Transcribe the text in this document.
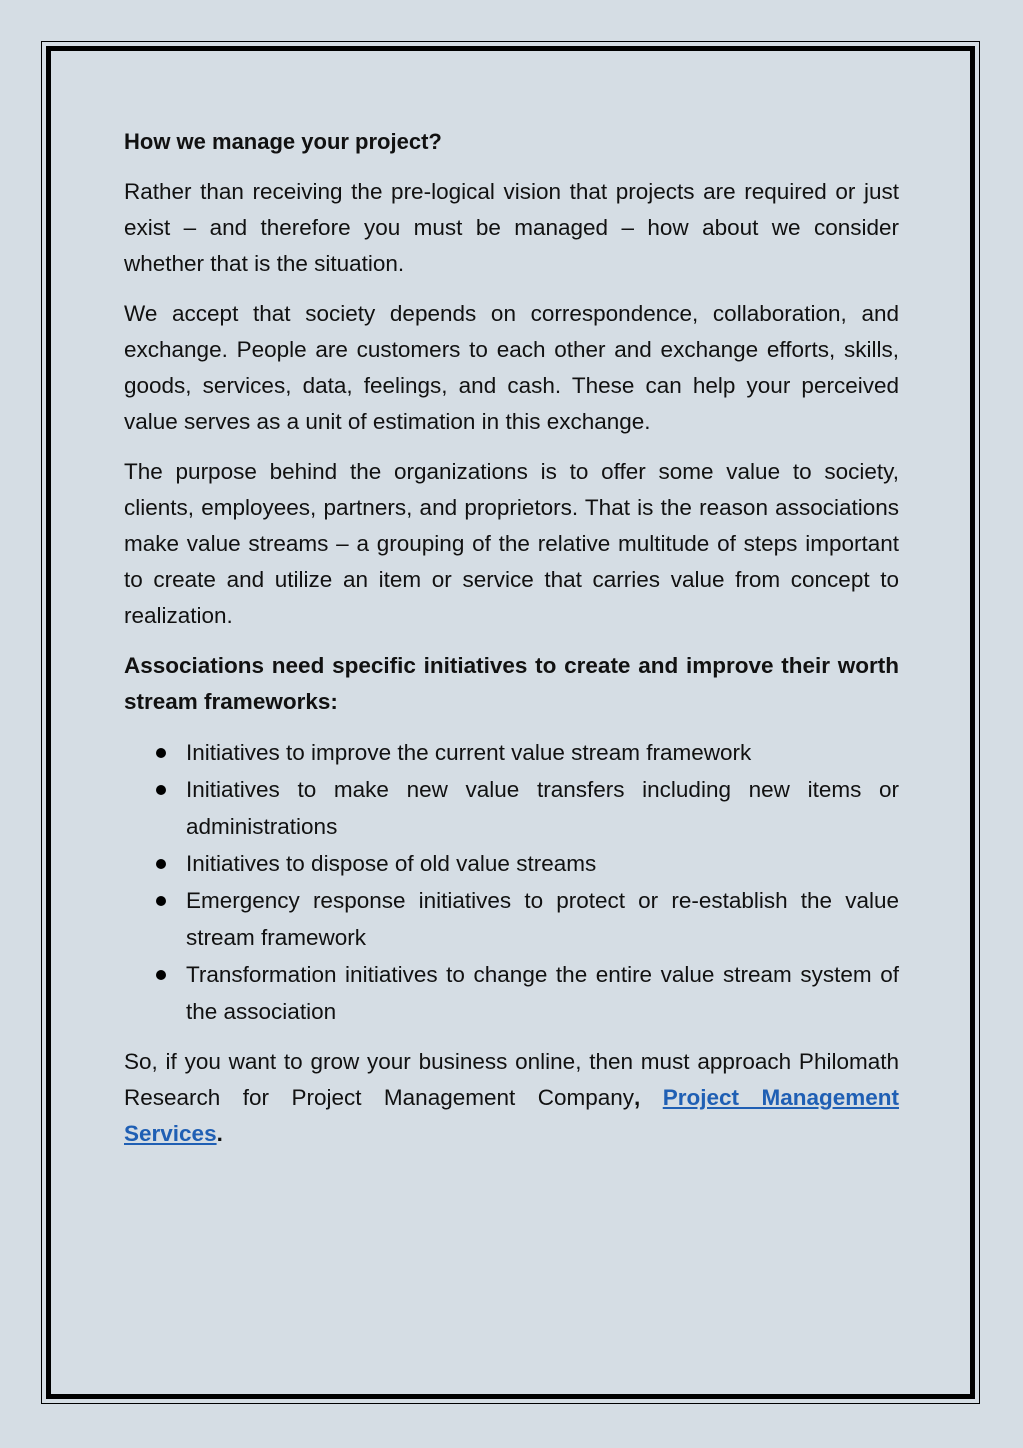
How we manage your project?

Rather than receiving the pre-logical vision that projects are required or just exist – and therefore you must be managed – how about we consider whether that is the situation.

We accept that society depends on correspondence, collaboration, and exchange. People are customers to each other and exchange efforts, skills, goods, services, data, feelings, and cash. These can help your perceived value serves as a unit of estimation in this exchange.

The purpose behind the organizations is to offer some value to society, clients, employees, partners, and proprietors. That is the reason associations make value streams – a grouping of the relative multitude of steps important to create and utilize an item or service that carries value from concept to realization.

Associations need specific initiatives to create and improve their worth stream frameworks:

Initiatives to improve the current value stream framework
Initiatives to make new value transfers including new items or administrations
Initiatives to dispose of old value streams
Emergency response initiatives to protect or re-establish the value stream framework
Transformation initiatives to change the entire value stream system of the association

So, if you want to grow your business online, then must approach Philomath Research for Project Management Company, Project Management Services.
